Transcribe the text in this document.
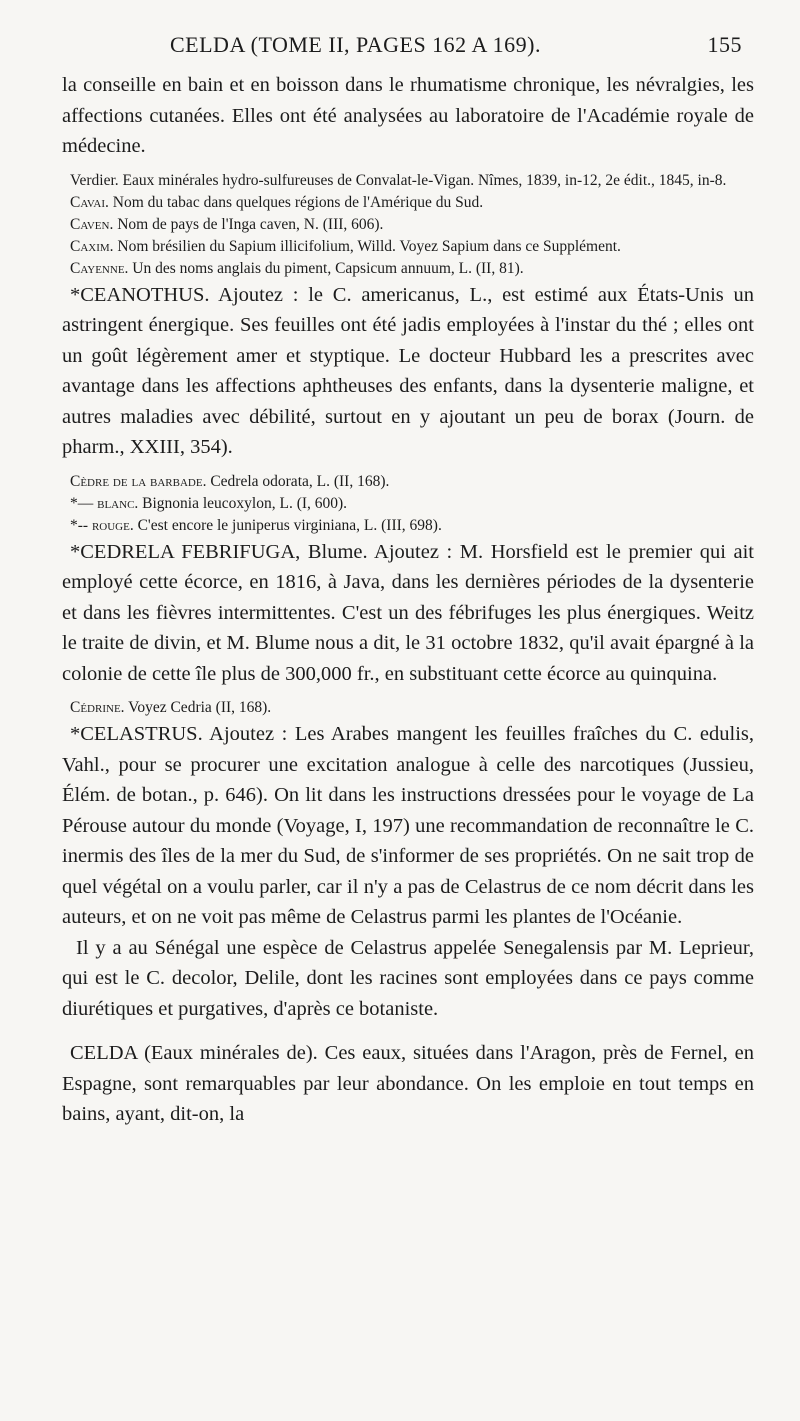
CELDA (TOME II, PAGES 162 A 169).	155

la conseille en bain et en boisson dans le rhumatisme chronique, les névralgies, les affections cutanées. Elles ont été analysées au laboratoire de l'Académie royale de médecine.

Verdier. Eaux minérales hydro-sulfureuses de Convalat-le-Vigan. Nîmes, 1839, in-12, 2e édit., 1845, in-8.

Cavai. Nom du tabac dans quelques régions de l'Amérique du Sud.

Caven. Nom de pays de l'Inga caven, N. (III, 606).

Caxim. Nom brésilien du Sapium illicifolium, Willd. Voyez Sapium dans ce Supplément.

Cayenne. Un des noms anglais du piment, Capsicum annuum, L. (II, 81).

*CEANOTHUS. Ajoutez : le C. americanus, L., est estimé aux États-Unis un astringent énergique. Ses feuilles ont été jadis employées à l'instar du thé ; elles ont un goût légèrement amer et styptique. Le docteur Hubbard les a prescrites avec avantage dans les affections aphtheuses des enfants, dans la dysenterie maligne, et autres maladies avec débilité, surtout en y ajoutant un peu de borax (Journ. de pharm., XXIII, 354).

Cèdre de la barbade. Cedrela odorata, L. (II, 168).

*— blanc. Bignonia leucoxylon, L. (I, 600).

*-- rouge. C'est encore le juniperus virginiana, L. (III, 698).

*CEDRELA FEBRIFUGA, Blume. Ajoutez : M. Horsfield est le premier qui ait employé cette écorce, en 1816, à Java, dans les dernières périodes de la dysenterie et dans les fièvres intermittentes. C'est un des fébrifuges les plus énergiques. Weitz le traite de divin, et M. Blume nous a dit, le 31 octobre 1832, qu'il avait épargné à la colonie de cette île plus de 300,000 fr., en substituant cette écorce au quinquina.

Cédrine. Voyez Cedria (II, 168).

*CELASTRUS. Ajoutez : Les Arabes mangent les feuilles fraîches du C. edulis, Vahl., pour se procurer une excitation analogue à celle des narcotiques (Jussieu, Élém. de botan., p. 646). On lit dans les instructions dressées pour le voyage de La Pérouse autour du monde (Voyage, I, 197) une recommandation de reconnaître le C. inermis des îles de la mer du Sud, de s'informer de ses propriétés. On ne sait trop de quel végétal on a voulu parler, car il n'y a pas de Celastrus de ce nom décrit dans les auteurs, et on ne voit pas même de Celastrus parmi les plantes de l'Océanie.

Il y a au Sénégal une espèce de Celastrus appelée Senegalensis par M. Leprieur, qui est le C. decolor, Delile, dont les racines sont employées dans ce pays comme diurétiques et purgatives, d'après ce botaniste.

CELDA (Eaux minérales de). Ces eaux, situées dans l'Aragon, près de Fernel, en Espagne, sont remarquables par leur abondance. On les emploie en tout temps en bains, ayant, dit-on, la
